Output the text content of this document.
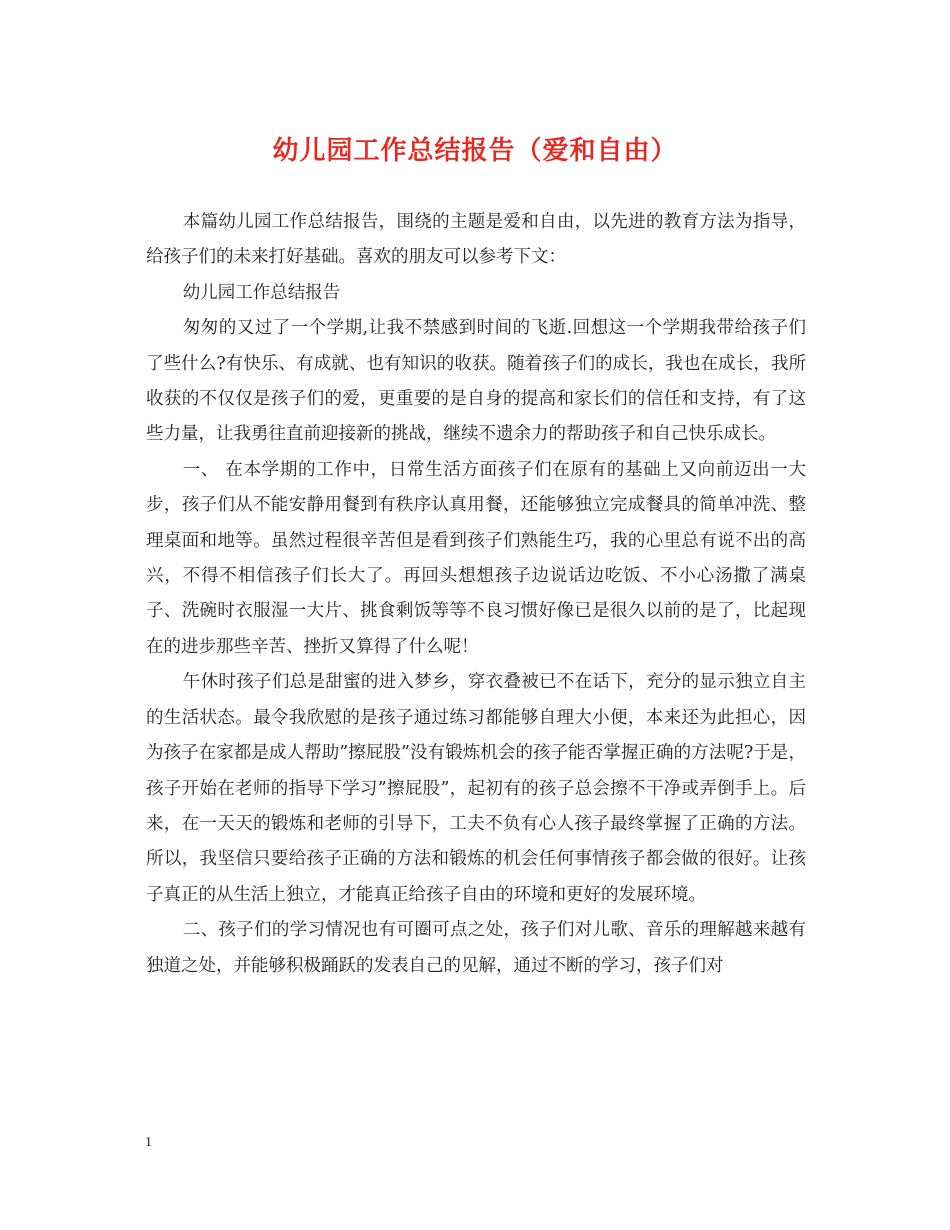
幼儿园工作总结报告（爱和自由）

本篇幼儿园工作总结报告，围绕的主题是爱和自由，以先进的教育方法为指导，给孩子们的未来打好基础。喜欢的朋友可以参考下文：

幼儿园工作总结报告

匆匆的又过了一个学期,让我不禁感到时间的飞逝.回想这一个学期我带给孩子们了些什么?有快乐、有成就、也有知识的收获。随着孩子们的成长，我也在成长，我所收获的不仅仅是孩子们的爱，更重要的是自身的提高和家长们的信任和支持，有了这些力量，让我勇往直前迎接新的挑战，继续不遗余力的帮助孩子和自己快乐成长。

一、 在本学期的工作中，日常生活方面孩子们在原有的基础上又向前迈出一大步，孩子们从不能安静用餐到有秩序认真用餐，还能够独立完成餐具的简单冲洗、整理桌面和地等。虽然过程很辛苦但是看到孩子们熟能生巧，我的心里总有说不出的高兴，不得不相信孩子们长大了。再回头想想孩子边说话边吃饭、不小心汤撒了满桌子、洗碗时衣服湿一大片、挑食剩饭等等不良习惯好像已是很久以前的是了，比起现在的进步那些辛苦、挫折又算得了什么呢！

午休时孩子们总是甜蜜的进入梦乡，穿衣叠被已不在话下，充分的显示独立自主的生活状态。最令我欣慰的是孩子通过练习都能够自理大小便，本来还为此担心，因为孩子在家都是成人帮助”擦屁股”没有锻炼机会的孩子能否掌握正确的方法呢?于是，孩子开始在老师的指导下学习”擦屁股”，起初有的孩子总会擦不干净或弄倒手上。后来，在一天天的锻炼和老师的引导下，工夫不负有心人孩子最终掌握了正确的方法。所以，我坚信只要给孩子正确的方法和锻炼的机会任何事情孩子都会做的很好。让孩子真正的从生活上独立，才能真正给孩子自由的环境和更好的发展环境。

二、孩子们的学习情况也有可圈可点之处，孩子们对儿歌、音乐的理解越来越有独道之处，并能够积极踊跃的发表自己的见解，通过不断的学习，孩子们对

1
